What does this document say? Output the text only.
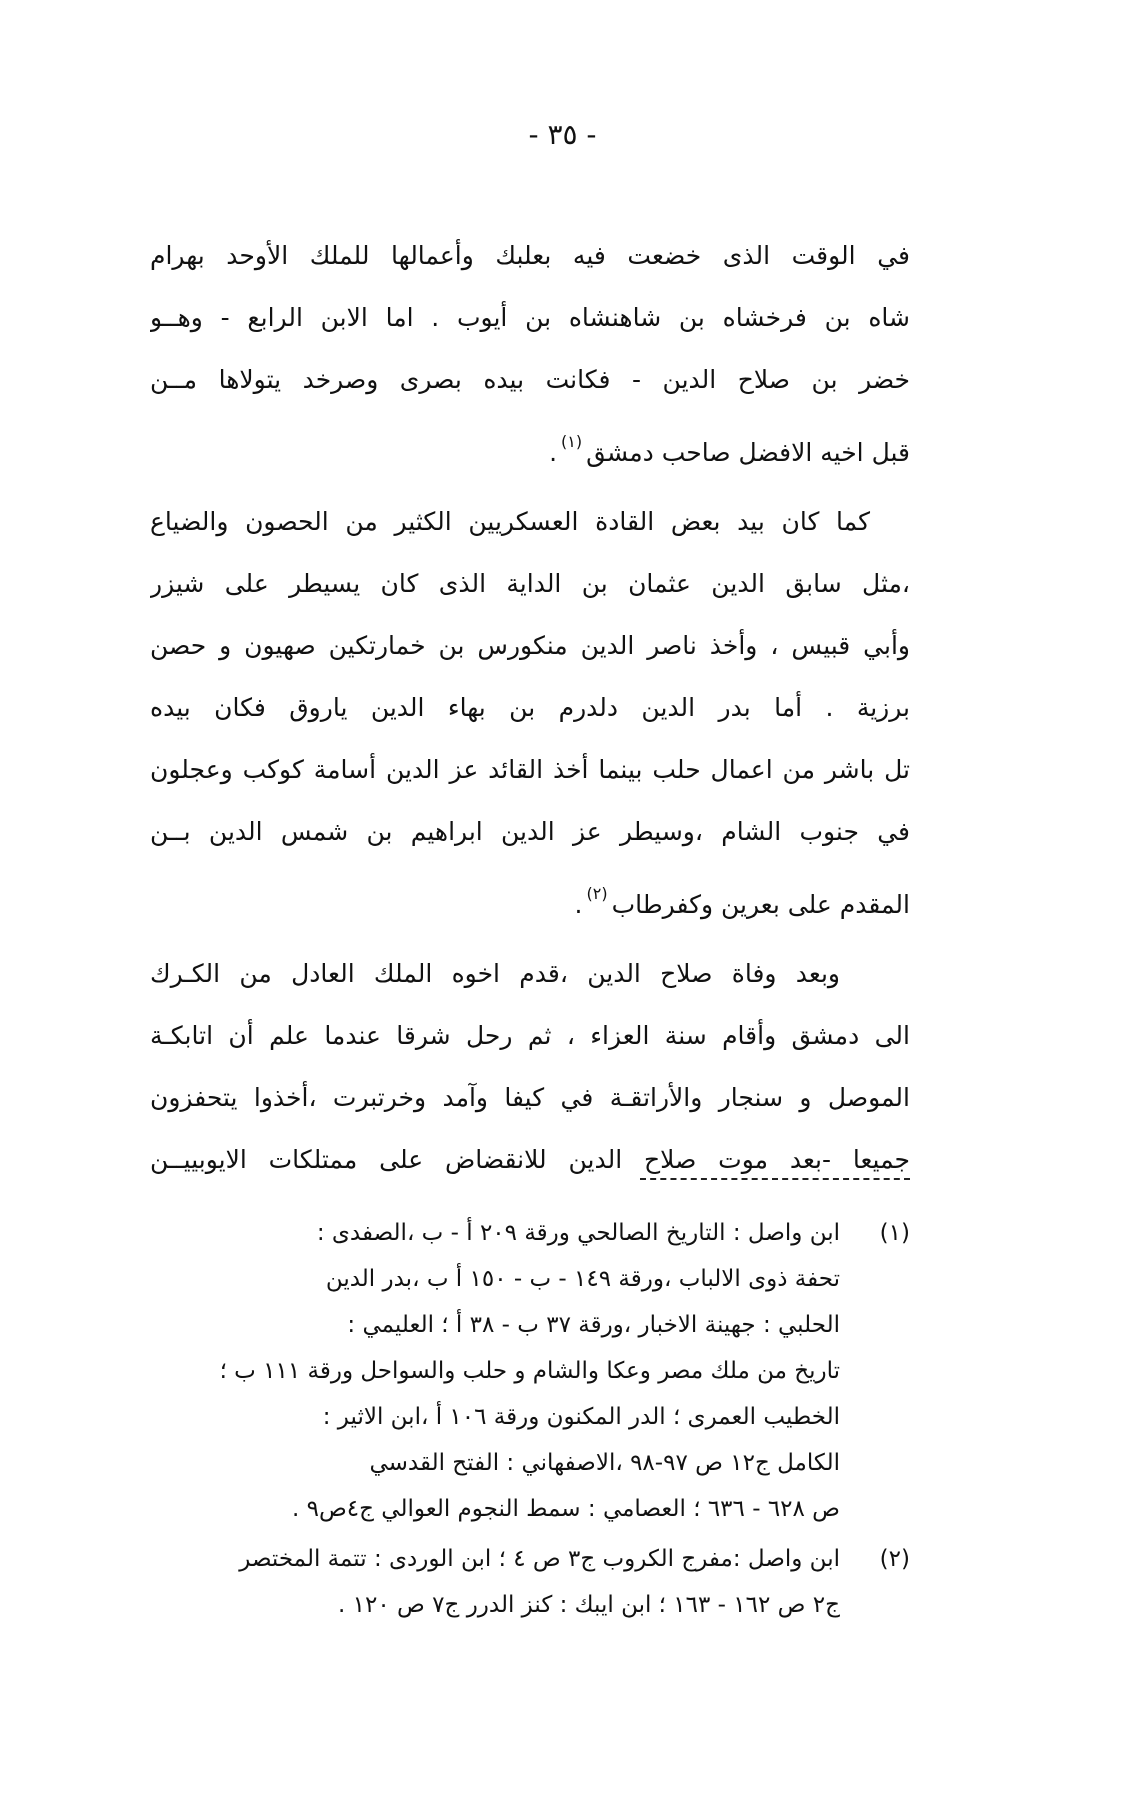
- ٣٥ -

في الوقت الذى خضعت فيه بعلبك وأعمالها للملك الأوحد بهرام
شاه بن فرخشاه بن شاهنشاه بن أيوب . اما الابن الرابع - وهــو
خضر بن صلاح الدين - فكانت بيده بصرى وصرخد يتولاها مــن
قبل اخيه الافضل صاحب دمشق$^{(١)}$.

كما كان بيد بعض القادة العسكريين الكثير من الحصون والضياع
،مثل سابق الدين عثمان بن الداية الذى كان يسيطر على شيزر
وأبي قبيس ، وأخذ ناصر الدين منكورس بن خمارتكين صهيون و حصن
برزية . أما بدر الدين دلدرم بن بهاء الدين ياروق فكان بيده
تل باشر من اعمال حلب بينما أخذ القائد عز الدين أسامة كوكب وعجلون
في جنوب الشام ،وسيطر عز الدين ابراهيم بن شمس الدين بــن
المقدم على بعرين وكفرطاب$^{(٢)}$.

وبعد وفاة صلاح الدين ،قدم اخوه الملك العادل من الكـرك
الى دمشق وأقام سنة العزاء ، ثم رحل شرقا عندما علم أن اتابكـة
الموصل و سنجار والأراتقـة في كيفا وآمد وخرتبرت ،أخذوا يتحفزون
جميعا -بعد موت صلاح الدين للانقضاض على ممتلكات الايوبييــن

(١)
ابن واصل : التاريخ الصالحي ورقة ٢٠٩ أ - ب ،الصفدى :
تحفة ذوى الالباب ،ورقة ١٤٩ - ب - ١٥٠ أ ب ،بدر الدين
الحلبي : جهينة الاخبار ،ورقة ٣٧ ب - ٣٨ أ ؛ العليمي :
تاريخ من ملك مصر وعكا والشام و حلب والسواحل ورقة ١١١ ب ؛
الخطيب العمرى ؛ الدر المكنون ورقة ١٠٦ أ ،ابن الاثير :
الكامل ج١٢ ص ٩٧-٩٨ ،الاصفهاني : الفتح القدسي
ص ٦٢٨ - ٦٣٦ ؛ العصامي : سمط النجوم العوالي ج٤ص٩ .
(٢)
ابن واصل :مفرج الكروب ج٣ ص ٤ ؛ ابن الوردى : تتمة المختصر
ج٢ ص ١٦٢ - ١٦٣ ؛ ابن ايبك : كنز الدرر ج٧ ص ١٢٠ .
